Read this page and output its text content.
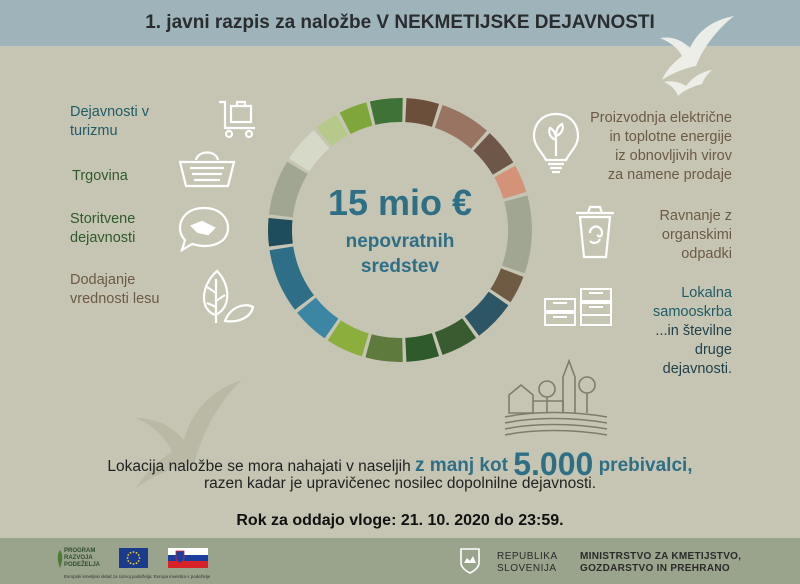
1. javni razpis za naložbe V NEKMETIJSKE DEJAVNOSTI
Dejavnosti v
turizmu
Trgovina
Storitvene
dejavnosti
Dodajanje
vrednosti lesu
15 mio €
nepovratnih
sredstev
Proizvodnja električne
in toplotne energije
iz obnovljivih virov
za namene prodaje
Ravnanje z
organskimi
odpadki
Lokalna
samooskrba
...in številne
druge
dejavnosti.
Lokacija naložbe se mora nahajati v naseljih z manj kot 5.000 prebivalci,
razen kadar je upravičenec nosilec dopolnilne dejavnosti.
Rok za oddajo vloge: 21. 10. 2020 do 23:59.
PROGRAM
RAZVOJA
PODEŽELJA
Evropski kmetijski sklad za razvoj podeželja: Evropa investira v podeželje
REPUBLIKA
SLOVENIJA
MINISTRSTVO ZA KMETIJSTVO,
GOZDARSTVO IN PREHRANO
